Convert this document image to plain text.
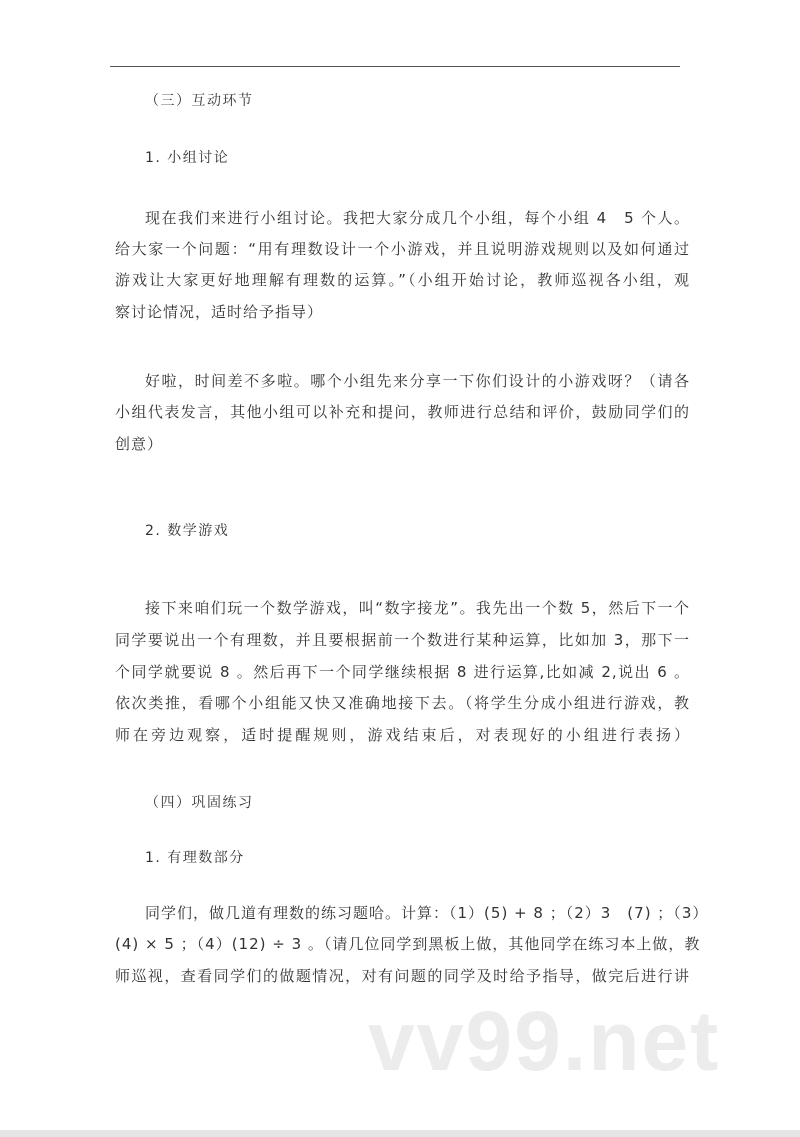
（三）互动环节
1. 小组讨论
现在我们来进行小组讨论。我把大家分成几个小组，每个小组 4　5 个人。
给大家一个问题：“用有理数设计一个小游戏，并且说明游戏规则以及如何通过
游戏让大家更好地理解有理数的运算。”（小组开始讨论，教师巡视各小组，观
察讨论情况，适时给予指导）
好啦，时间差不多啦。哪个小组先来分享一下你们设计的小游戏呀？（请各
小组代表发言，其他小组可以补充和提问，教师进行总结和评价，鼓励同学们的
创意）
2. 数学游戏
接下来咱们玩一个数学游戏，叫“数字接龙”。我先出一个数 5，然后下一个
同学要说出一个有理数，并且要根据前一个数进行某种运算，比如加 3，那下一
个同学就要说 8 。然后再下一个同学继续根据 8 进行运算,比如减 2,说出 6 。
依次类推，看哪个小组能又快又准确地接下去。（将学生分成小组进行游戏，教
师在旁边观察，适时提醒规则，游戏结束后，对表现好的小组进行表扬）
（四）巩固练习
1. 有理数部分
同学们，做几道有理数的练习题哈。计算：（1）(5) + 8 ；（2）3　(7) ；（3）
(4) × 5 ；（4）(12) ÷ 3 。（请几位同学到黑板上做，其他同学在练习本上做，教
师巡视，查看同学们的做题情况，对有问题的同学及时给予指导，做完后进行讲
vv99.net
